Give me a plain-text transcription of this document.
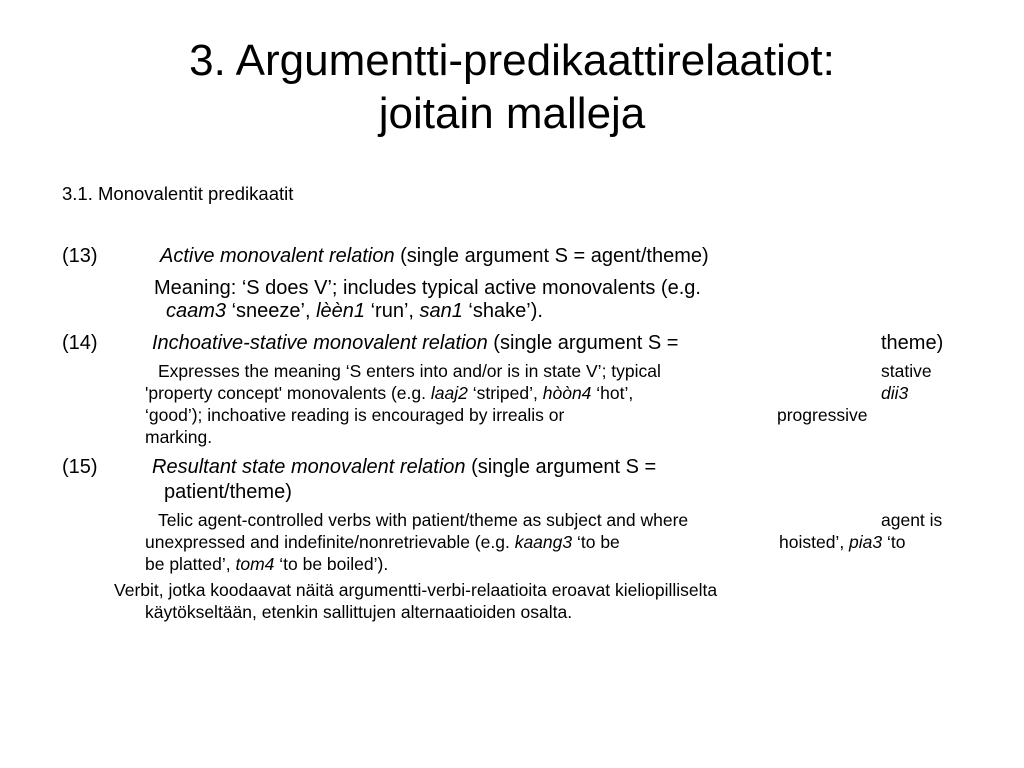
3. Argumentti-predikaattirelaatiot:
joitain malleja
3.1. Monovalentit predikaatit
(13)	Active monovalent relation (single argument S = agent/theme)
Meaning: ‘S does V’; includes typical active monovalents (e.g.
caam3 ‘sneeze’, lèèn1 ‘run’, san1 ‘shake’).
(14)	Inchoative-stative monovalent relation (single argument S =	theme)
Expresses the meaning ‘S enters into and/or is in state V’; typical	stative
'property concept' monovalents (e.g. laaj2 ‘striped’, hòòn4 ‘hot’,	dii3
‘good’); inchoative reading is encouraged by irrealis or	progressive
marking.
(15)	Resultant state monovalent relation (single argument S =
patient/theme)
Telic agent-controlled verbs with patient/theme as subject and where	agent is
unexpressed and indefinite/nonretrievable (e.g. kaang3 ‘to be	hoisted’, pia3 ‘to
be platted’, tom4 ‘to be boiled’).
Verbit, jotka koodaavat näitä argumentti-verbi-relaatioita eroavat kieliopilliselta
käytökseltään, etenkin sallittujen alternaatioiden osalta.
